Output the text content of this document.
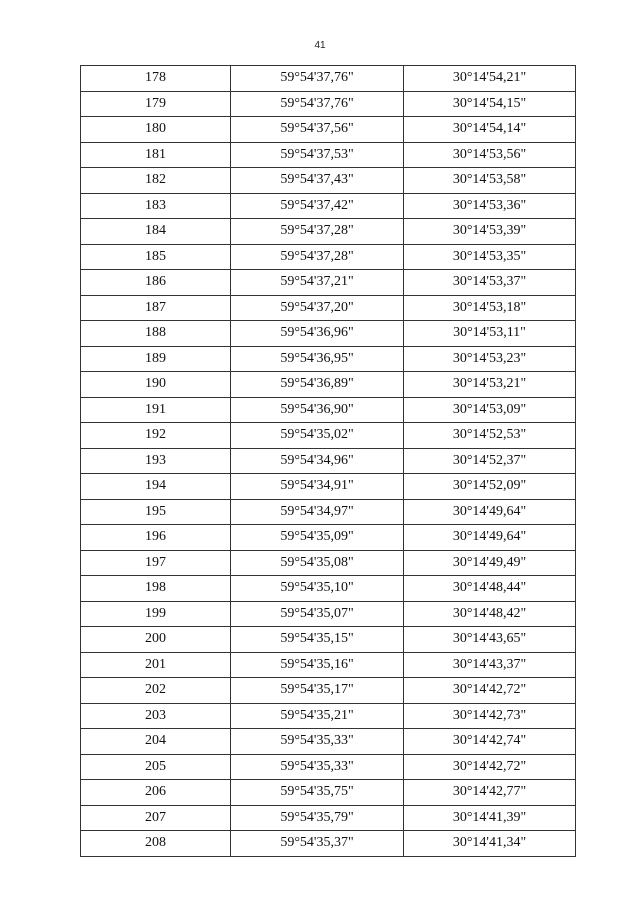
41
178	59°54'37,76"	30°14'54,21"
179	59°54'37,76"	30°14'54,15"
180	59°54'37,56"	30°14'54,14"
181	59°54'37,53"	30°14'53,56"
182	59°54'37,43"	30°14'53,58"
183	59°54'37,42"	30°14'53,36"
184	59°54'37,28"	30°14'53,39"
185	59°54'37,28"	30°14'53,35"
186	59°54'37,21"	30°14'53,37"
187	59°54'37,20"	30°14'53,18"
188	59°54'36,96"	30°14'53,11"
189	59°54'36,95"	30°14'53,23"
190	59°54'36,89"	30°14'53,21"
191	59°54'36,90"	30°14'53,09"
192	59°54'35,02"	30°14'52,53"
193	59°54'34,96"	30°14'52,37"
194	59°54'34,91"	30°14'52,09"
195	59°54'34,97"	30°14'49,64"
196	59°54'35,09"	30°14'49,64"
197	59°54'35,08"	30°14'49,49"
198	59°54'35,10"	30°14'48,44"
199	59°54'35,07"	30°14'48,42"
200	59°54'35,15"	30°14'43,65"
201	59°54'35,16"	30°14'43,37"
202	59°54'35,17"	30°14'42,72"
203	59°54'35,21"	30°14'42,73"
204	59°54'35,33"	30°14'42,74"
205	59°54'35,33"	30°14'42,72"
206	59°54'35,75"	30°14'42,77"
207	59°54'35,79"	30°14'41,39"
208	59°54'35,37"	30°14'41,34"
